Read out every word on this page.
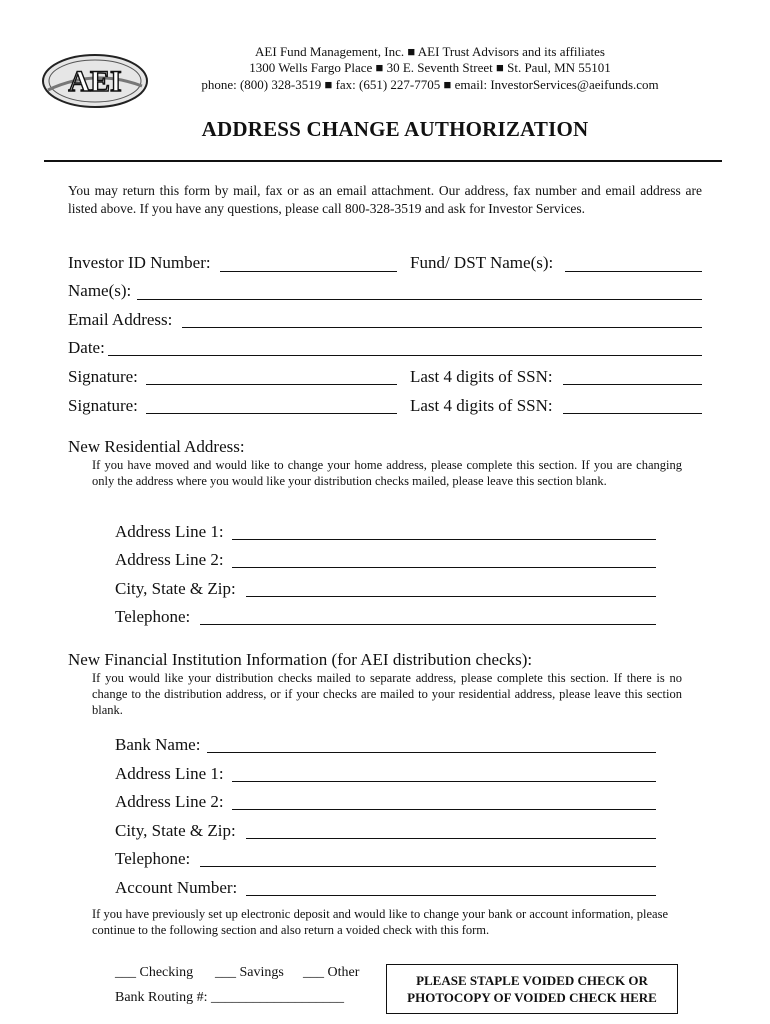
AEI
AEI Fund Management, Inc. ■ AEI Trust Advisors and its affiliates
1300 Wells Fargo Place ■ 30 E. Seventh Street ■ St. Paul, MN 55101
phone: (800) 328-3519 ■ fax: (651) 227-7705 ■ email: InvestorServices@aeifunds.com
ADDRESS CHANGE AUTHORIZATION
You may return this form by mail, fax or as an email attachment. Our address, fax number and email address are listed above. If you have any questions, please call 800-328-3519 and ask for Investor Services.
Investor ID Number:	Fund/ DST Name(s):
Name(s):
Email Address:
Date:
Signature:	Last 4 digits of SSN:
Signature:	Last 4 digits of SSN:
New Residential Address:
If you have moved and would like to change your home address, please complete this section. If you are changing only the address where you would like your distribution checks mailed, please leave this section blank.
Address Line 1:
Address Line 2:
City, State & Zip:
Telephone:
New Financial Institution Information (for AEI distribution checks):
If you would like your distribution checks mailed to separate address, please complete this section. If there is no change to the distribution address, or if your checks are mailed to your residential address, please leave this section blank.
Bank Name:
Address Line 1:
Address Line 2:
City, State & Zip:
Telephone:
Account Number:
If you have previously set up electronic deposit and would like to change your bank or account information, please continue to the following section and also return a voided check with this form.
___ Checking ___ Savings ___ Other
Bank Routing #: ___________________
PLEASE STAPLE VOIDED CHECK OR
PHOTOCOPY OF VOIDED CHECK HERE
